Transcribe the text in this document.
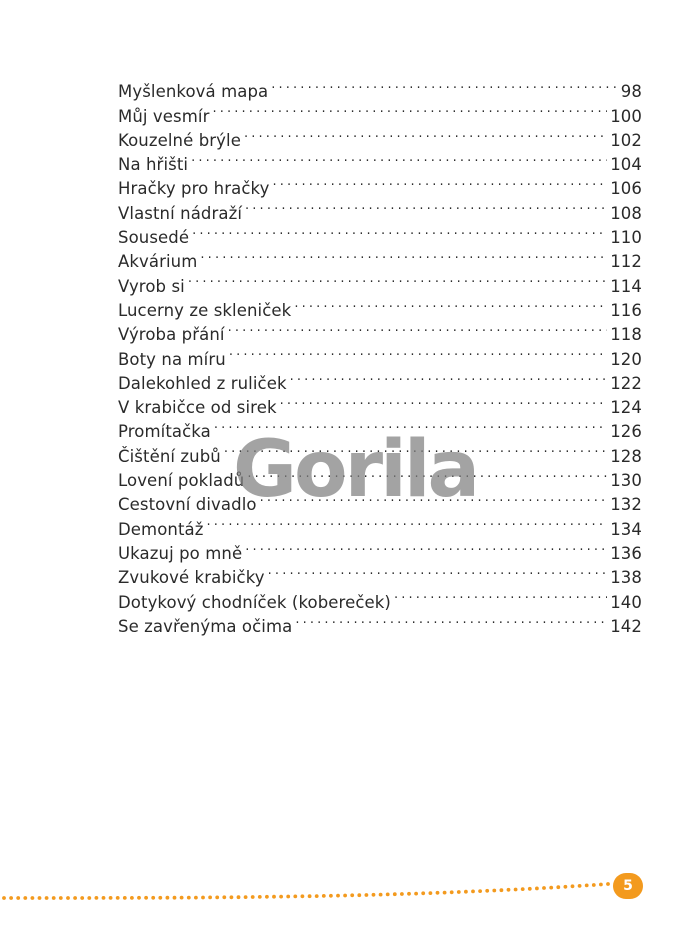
Myšlenková mapa . . .	98
Můj vesmír . . .	100
Kouzelné brýle . . .	102
Na hřišti . . .	104
Hračky pro hračky . . .	106
Vlastní nádraží . . .	108
Sousedé . . .	110
Akvárium . . .	112
Vyrob si . . .	114
Lucerny ze skleniček . . .	116
Výroba přání . . .	118
Boty na míru . . .	120
Dalekohled z ruliček . . .	122
V krabičce od sirek . . .	124
Promítačka . . .	126
Čištění zubů . . .	128
Lovení pokladů . . .	130
Cestovní divadlo . . .	132
Demontáž . . .	134
Ukazuj po mně . . .	136
Zvukové krabičky . . .	138
Dotykový chodníček (kobereček) . . .	140
Se zavřenýma očima . . .	142
Gorila
5
